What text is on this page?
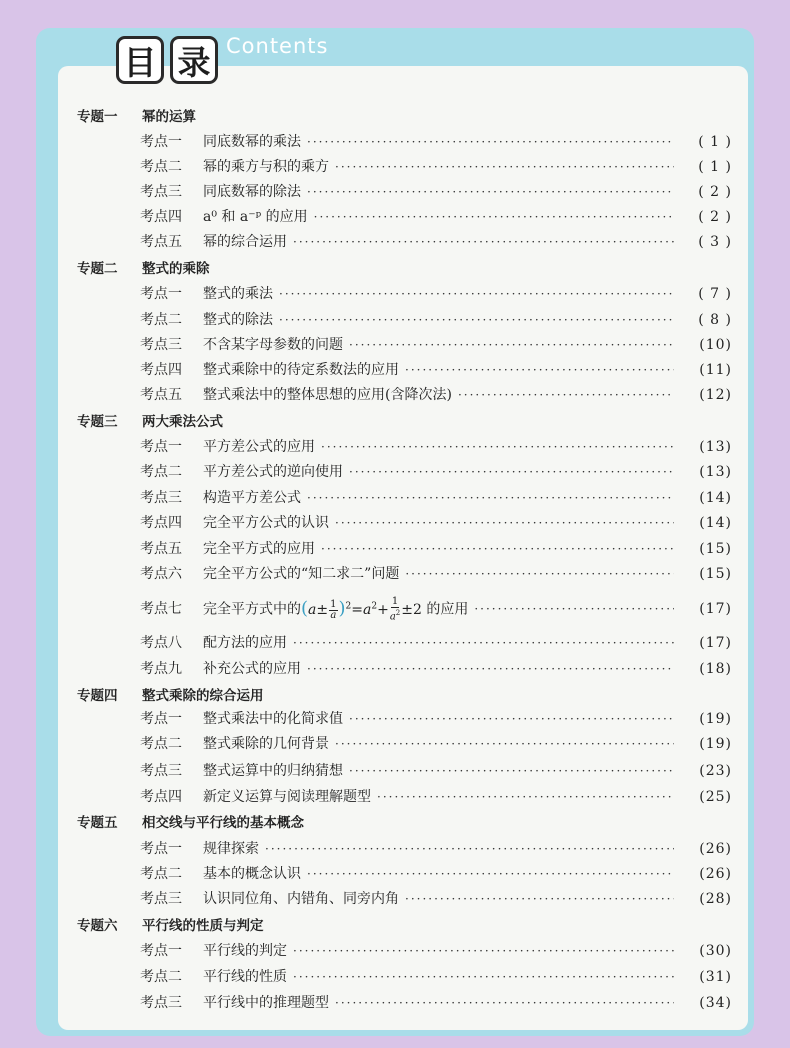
目 录 Contents
专题一	幂的运算
考点一	同底数幂的乘法 ·····	( 1 )
考点二	幂的乘方与积的乘方 ·····	( 1 )
考点三	同底数幂的除法 ·····	( 2 )
考点四	a⁰ 和 a⁻ᵖ 的应用 ·····	( 2 )
考点五	幂的综合运用 ·····	( 3 )
专题二	整式的乘除
考点一	整式的乘法 ·····	( 7 )
考点二	整式的除法 ·····	( 8 )
考点三	不含某字母参数的问题 ·····	(10)
考点四	整式乘除中的待定系数法的应用 ·····	(11)
考点五	整式乘法中的整体思想的应用(含降次法) ·····	(12)
专题三	两大乘法公式
考点一	平方差公式的应用 ·····	(13)
考点二	平方差公式的逆向使用 ·····	(13)
考点三	构造平方差公式 ·····	(14)
考点四	完全平方公式的认识 ·····	(14)
考点五	完全平方式的应用 ·····	(15)
考点六	完全平方公式的“知二求二”问题 ·····	(15)
考点七	完全平方式中的$(a\pm \frac{1}{a} )^2=a^2+ \frac{1}{a^2} \pm 2$ 的应用 ·····	(17)
考点八	配方法的应用 ·····	(17)
考点九	补充公式的应用 ·····	(18)
专题四	整式乘除的综合运用
考点一	整式乘法中的化简求值 ·····	(19)
考点二	整式乘除的几何背景 ·····	(19)
考点三	整式运算中的归纳猜想 ·····	(23)
考点四	新定义运算与阅读理解题型 ·····	(25)
专题五	相交线与平行线的基本概念
考点一	规律探索 ·····	(26)
考点二	基本的概念认识 ·····	(26)
考点三	认识同位角、内错角、同旁内角 ·····	(28)
专题六	平行线的性质与判定
考点一	平行线的判定 ·····	(30)
考点二	平行线的性质 ·····	(31)
考点三	平行线中的推理题型 ·····	(34)
